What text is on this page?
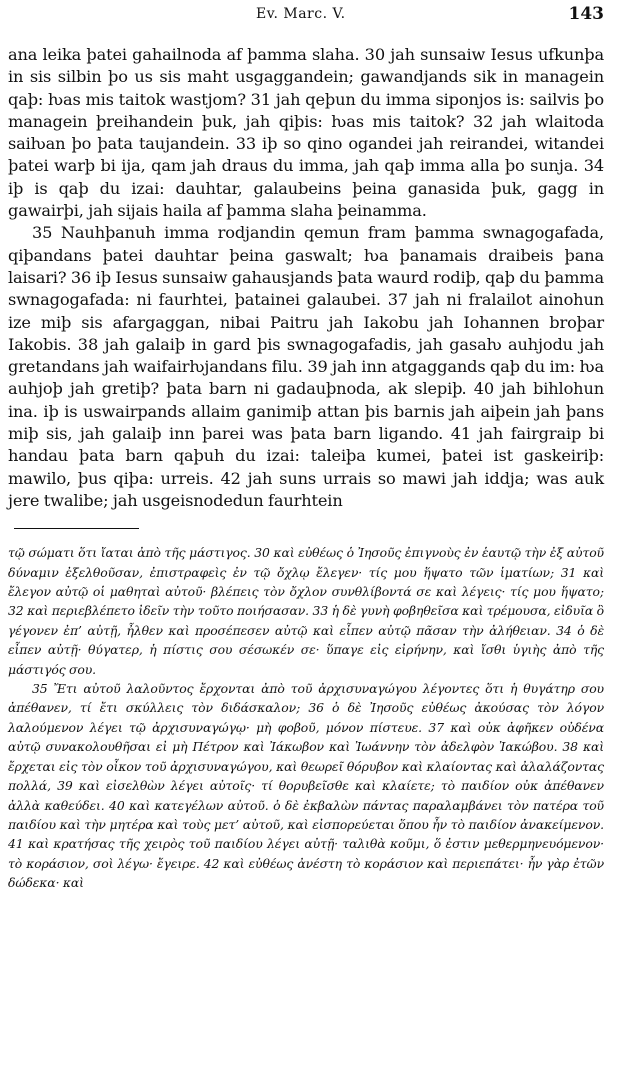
Ev. Marc. V.	143

ana leika þatei gahailnoda af þamma slaha. 30 jah sunsaiw Iesus ufkunþa in sis silbin þo us sis maht usgaggandein; gawandjands sik in managein qaþ: ƕas mis taitok wastjom? 31 jah qeþun du imma siponjos is: sailvis þo managein þreihandein þuk, jah qiþis: ƕas mis taitok? 32 jah wlaitoda saiƕan þo þata taujandein. 33 iþ so qino ogandei jah reirandei, witandei þatei warþ bi ija, qam jah draus du imma, jah qaþ imma alla þo sunja. 34 iþ is qaþ du izai: dauhtar, galaubeins þeina ganasida þuk, gagg in gawairþi, jah sijais haila af þamma slaha þeinamma.

35 Nauhþanuh imma rodjandin qemun fram þamma swnagogafada, qiþandans þatei dauhtar þeina gaswalt; ƕa þanamais draibeis þana laisari? 36 iþ Iesus sunsaiw gahausjands þata waurd rodiþ, qaþ du þamma swnagogafada: ni faurhtei, þatainei galaubei. 37 jah ni fralailot ainohun ize miþ sis afargaggan, nibai Paitru jah Iakobu jah Iohannen broþar Iakobis. 38 jah galaiþ in gard þis swnagogafadis, jah gasaƕ auhjodu jah gretandans jah waifairƕjandans filu. 39 jah inn atgaggands qaþ du im: ƕa auhjoþ jah gretiþ? þata barn ni gadauþnoda, ak slepiþ. 40 jah bihlohun ina. iþ is uswairpands allaim ganimiþ attan þis barnis jah aiþein jah þans miþ sis, jah galaiþ inn þarei was þata barn ligando. 41 jah fairgraip bi handau þata barn qaþuh du izai: taleiþa kumei, þatei ist gaskeiriþ: mawilo, þus qiþa: urreis. 42 jah suns urrais so mawi jah iddja; was auk jere twalibe; jah usgeisnodedun faurhtein

τῷ σώματι ὅτι ἴαται ἀπὸ τῆς μάστιγος. 30 καὶ εὐθέως ὁ Ἰησοῦς ἐπιγνοὺς ἐν ἑαυτῷ τὴν ἐξ αὐτοῦ δύναμιν ἐξελθοῦσαν, ἐπιστραφεὶς ἐν τῷ ὄχλῳ ἔλεγεν· τίς μου ἥψατο τῶν ἱματίων; 31 καὶ ἔλεγον αὐτῷ οἱ μαθηταὶ αὐτοῦ· βλέπεις τὸν ὄχλον συνθλίβοντά σε καὶ λέγεις· τίς μου ἥψατο; 32 καὶ περιεβλέπετο ἰδεῖν τὴν τοῦτο ποιήσασαν. 33 ἡ δὲ γυνὴ φοβηθεῖσα καὶ τρέμουσα, εἰδυῖα ὃ γέγονεν ἐπ’ αὐτῇ, ἦλθεν καὶ προσέπεσεν αὐτῷ καὶ εἶπεν αὐτῷ πᾶσαν τὴν ἀλήθειαν. 34 ὁ δὲ εἶπεν αὐτῇ· θύγατερ, ἡ πίστις σου σέσωκέν σε· ὕπαγε εἰς εἰρήνην, καὶ ἴσθι ὑγιὴς ἀπὸ τῆς μάστιγός σου.

35 Ἔτι αὐτοῦ λαλοῦντος ἔρχονται ἀπὸ τοῦ ἀρχισυναγώγου λέγοντες ὅτι ἡ θυγάτηρ σου ἀπέθανεν, τί ἔτι σκύλλεις τὸν διδάσκαλον; 36 ὁ δὲ Ἰησοῦς εὐθέως ἀκούσας τὸν λόγον λαλούμενον λέγει τῷ ἀρχισυναγώγῳ· μὴ φοβοῦ, μόνον πίστευε. 37 καὶ οὐκ ἀφῆκεν οὐδένα αὐτῷ συνακολουθῆσαι εἰ μὴ Πέτρον καὶ Ἰάκωβον καὶ Ἰωάννην τὸν ἀδελφὸν Ἰακώβου. 38 καὶ ἔρχεται εἰς τὸν οἶκον τοῦ ἀρχισυναγώγου, καὶ θεωρεῖ θόρυβον καὶ κλαίοντας καὶ ἀλαλάζοντας πολλά, 39 καὶ εἰσελθὼν λέγει αὐτοῖς· τί θορυβεῖσθε καὶ κλαίετε; τὸ παιδίον οὐκ ἀπέθανεν ἀλλὰ καθεύδει. 40 καὶ κατεγέλων αὐτοῦ. ὁ δὲ ἐκβαλὼν πάντας παραλαμβάνει τὸν πατέρα τοῦ παιδίου καὶ τὴν μητέρα καὶ τοὺς μετ’ αὐτοῦ, καὶ εἰσπορεύεται ὅπου ἦν τὸ παιδίον ἀνακείμενον. 41 καὶ κρατήσας τῆς χειρὸς τοῦ παιδίου λέγει αὐτῇ· ταλιθὰ κοῦμι, ὅ ἐστιν μεθερμηνευόμενον· τὸ κοράσιον, σοὶ λέγω· ἔγειρε. 42 καὶ εὐθέως ἀνέστη τὸ κοράσιον καὶ περιεπάτει· ἦν γὰρ ἐτῶν δώδεκα· καὶ
